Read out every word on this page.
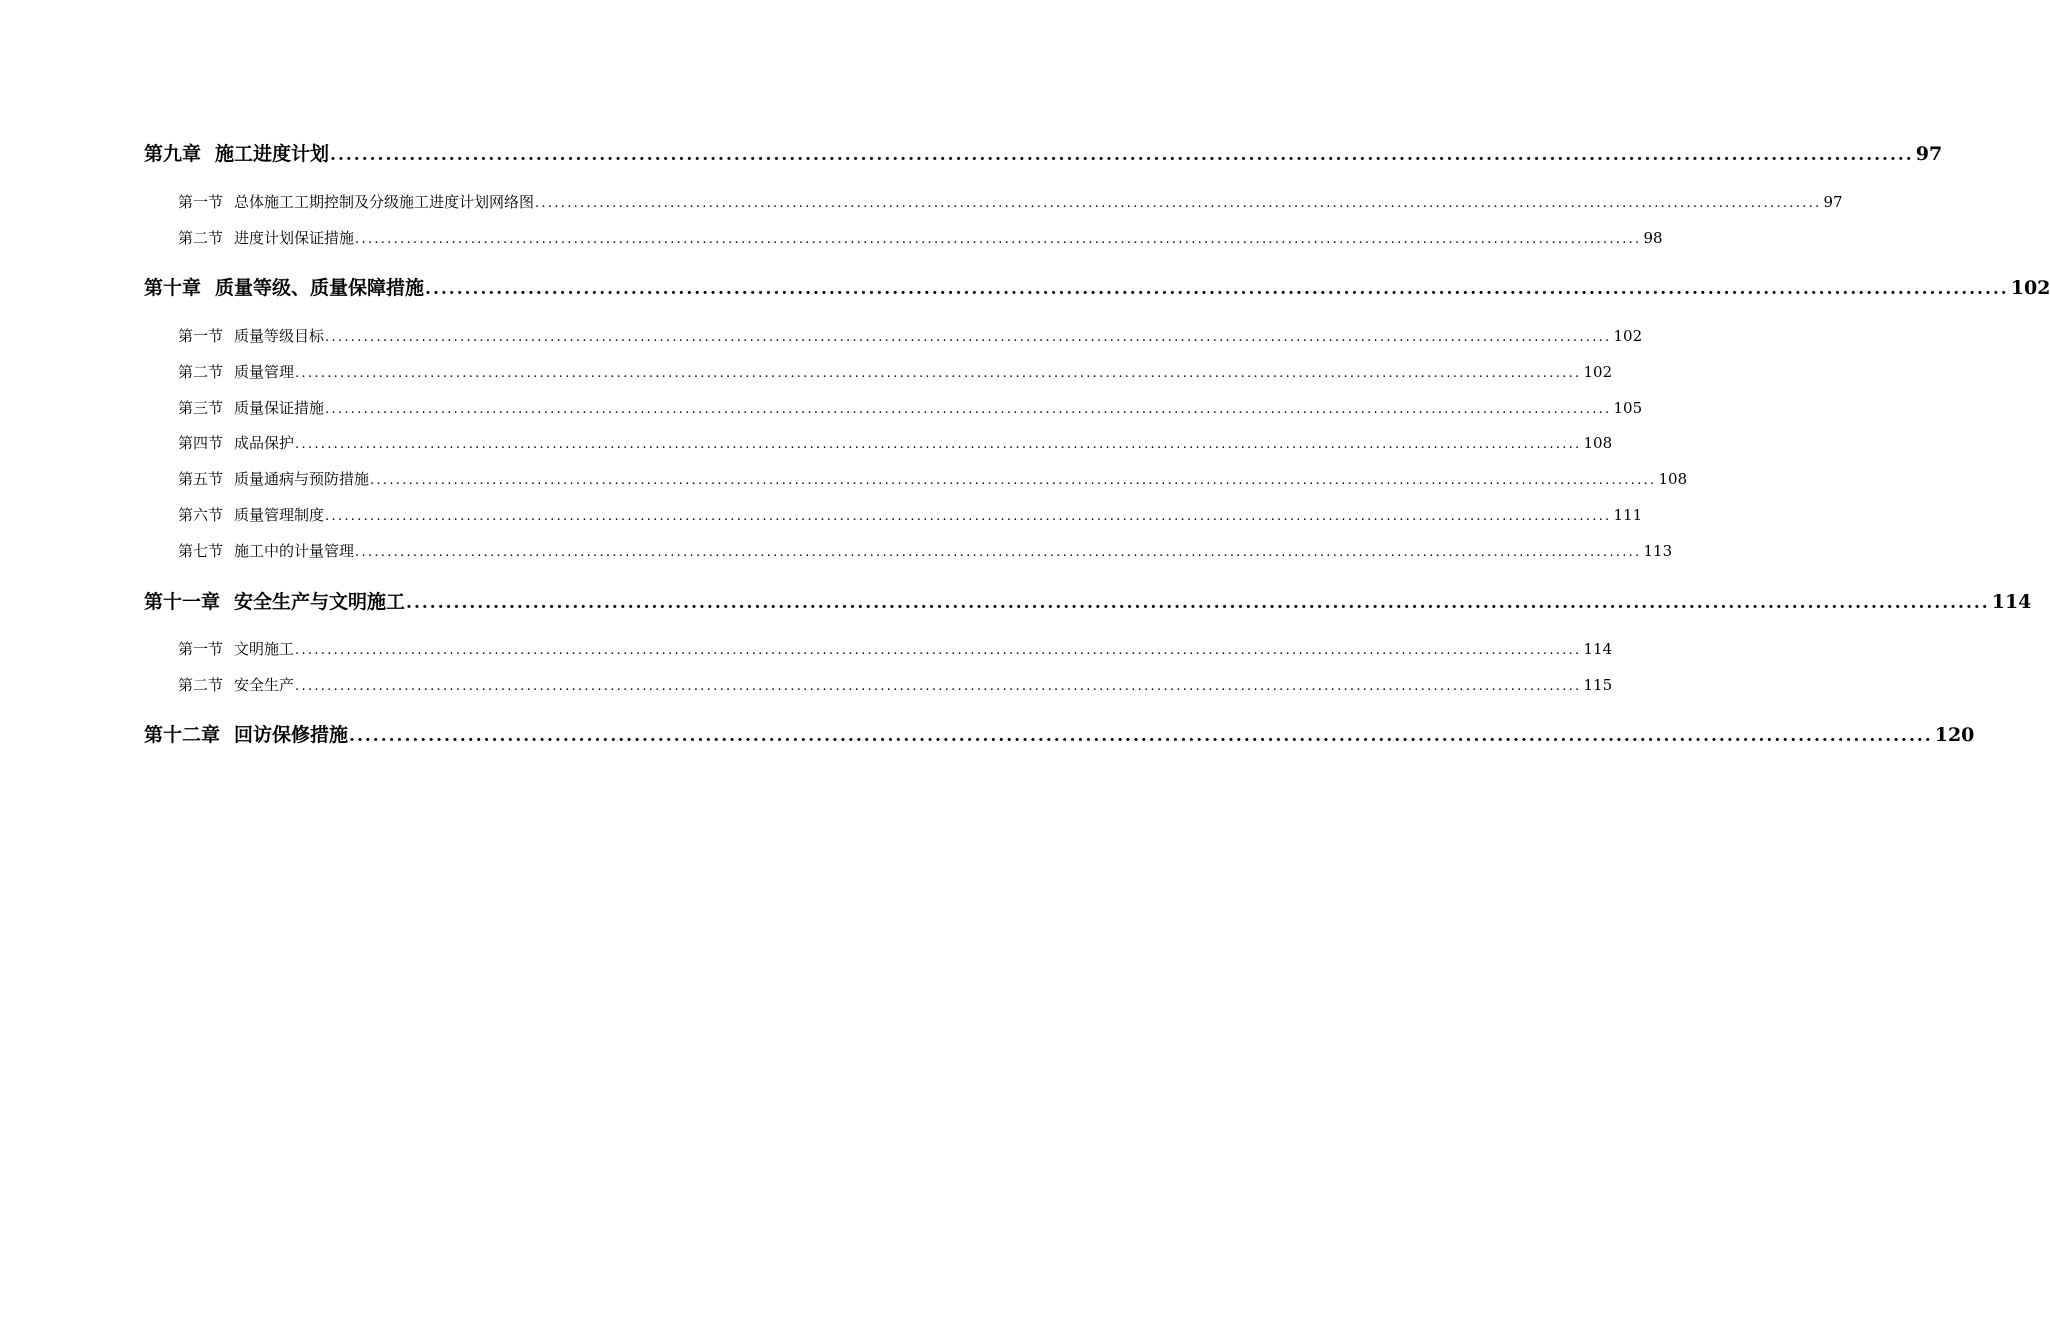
第九章 施工进度计划 ........................................................................................................................................................................................................ 97
第一节 总体施工工期控制及分级施工进度计划网络图 ........................................................................................................................................................................................................ 97
第二节 进度计划保证措施 ........................................................................................................................................................................................................ 98
第十章 质量等级、质量保障措施 ........................................................................................................................................................................................................ 102
第一节 质量等级目标 ........................................................................................................................................................................................................ 102
第二节 质量管理 ........................................................................................................................................................................................................ 102
第三节 质量保证措施 ........................................................................................................................................................................................................ 105
第四节 成品保护 ........................................................................................................................................................................................................ 108
第五节 质量通病与预防措施 ........................................................................................................................................................................................................ 108
第六节 质量管理制度 ........................................................................................................................................................................................................ 111
第七节 施工中的计量管理 ........................................................................................................................................................................................................ 113
第十一章 安全生产与文明施工 ........................................................................................................................................................................................................ 114
第一节 文明施工 ........................................................................................................................................................................................................ 114
第二节 安全生产 ........................................................................................................................................................................................................ 115
第十二章 回访保修措施 ........................................................................................................................................................................................................ 120
